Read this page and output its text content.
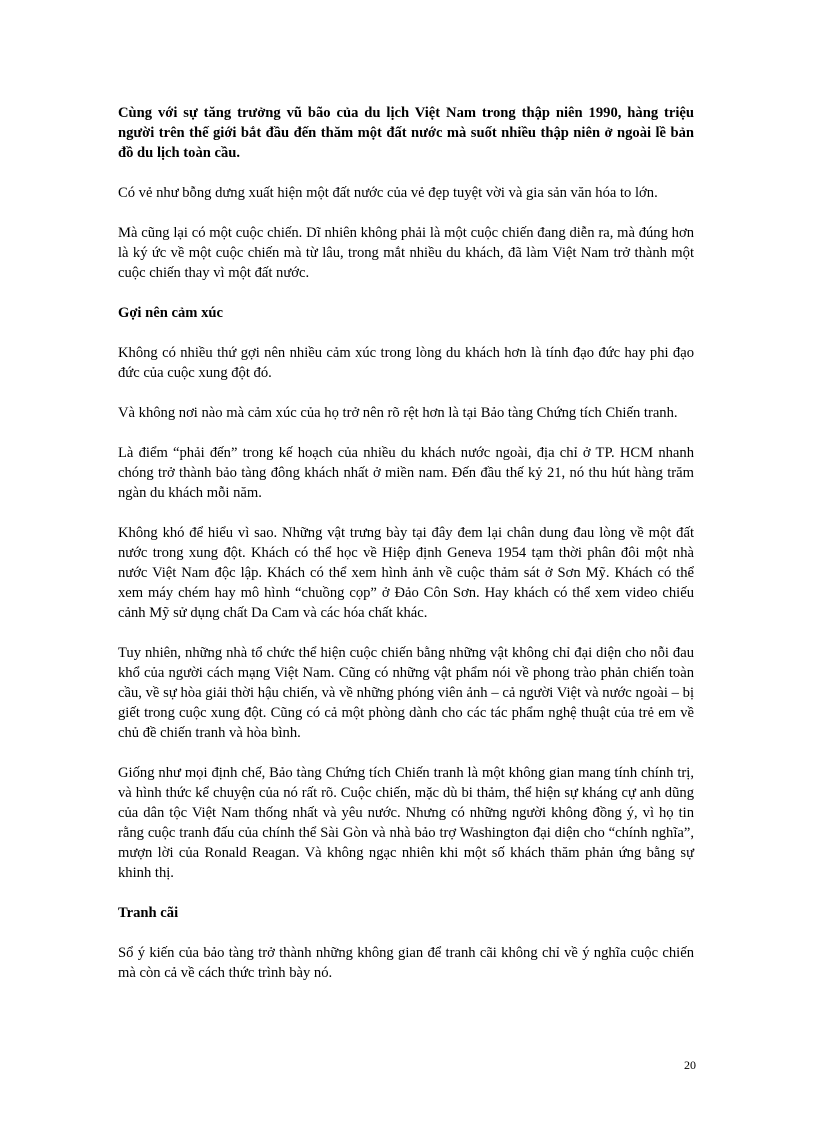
Cùng với sự tăng trưởng vũ bão của du lịch Việt Nam trong thập niên 1990, hàng triệu người trên thế giới bắt đầu đến thăm một đất nước mà suốt nhiều thập niên ở ngoài lề bản đồ du lịch toàn cầu.

Có vẻ như bỗng dưng xuất hiện một đất nước của vẻ đẹp tuyệt vời và gia sản văn hóa to lớn.

Mà cũng lại có một cuộc chiến. Dĩ nhiên không phải là một cuộc chiến đang diễn ra, mà đúng hơn là ký ức về một cuộc chiến mà từ lâu, trong mắt nhiều du khách, đã làm Việt Nam trở thành một cuộc chiến thay vì một đất nước.

Gợi nên cảm xúc

Không có nhiều thứ gợi nên nhiều cảm xúc trong lòng du khách hơn là tính đạo đức hay phi đạo đức của cuộc xung đột đó.

Và không nơi nào mà cảm xúc của họ trở nên rõ rệt hơn là tại Bảo tàng Chứng tích Chiến tranh.

Là điểm “phải đến” trong kế hoạch của nhiều du khách nước ngoài, địa chỉ ở TP. HCM nhanh chóng trở thành bảo tàng đông khách nhất ở miền nam. Đến đầu thế kỷ 21, nó thu hút hàng trăm ngàn du khách mỗi năm.

Không khó để hiểu vì sao. Những vật trưng bày tại đây đem lại chân dung đau lòng về một đất nước trong xung đột. Khách có thể học về Hiệp định Geneva 1954 tạm thời phân đôi một nhà nước Việt Nam độc lập. Khách có thể xem hình ảnh về cuộc thảm sát ở Sơn Mỹ. Khách có thể xem máy chém hay mô hình “chuồng cọp” ở Đảo Côn Sơn. Hay khách có thể xem video chiếu cảnh Mỹ sử dụng chất Da Cam và các hóa chất khác.

Tuy nhiên, những nhà tổ chức thể hiện cuộc chiến bằng những vật không chỉ đại diện cho nỗi đau khổ của người cách mạng Việt Nam. Cũng có những vật phẩm nói về phong trào phản chiến toàn cầu, về sự hòa giải thời hậu chiến, và về những phóng viên ảnh – cả người Việt và nước ngoài – bị giết trong cuộc xung đột. Cũng có cả một phòng dành cho các tác phẩm nghệ thuật của trẻ em về chủ đề chiến tranh và hòa bình.

Giống như mọi định chế, Bảo tàng Chứng tích Chiến tranh là một không gian mang tính chính trị, và hình thức kể chuyện của nó rất rõ. Cuộc chiến, mặc dù bi thảm, thể hiện sự kháng cự anh dũng của dân tộc Việt Nam thống nhất và yêu nước. Nhưng có những người không đồng ý, vì họ tin rằng cuộc tranh đấu của chính thể Sài Gòn và nhà bảo trợ Washington đại diện cho “chính nghĩa”, mượn lời của Ronald Reagan. Và không ngạc nhiên khi một số khách thăm phản ứng bằng sự khinh thị.

Tranh cãi

Sổ ý kiến của bảo tàng trở thành những không gian để tranh cãi không chỉ về ý nghĩa cuộc chiến mà còn cả về cách thức trình bày nó.

20
